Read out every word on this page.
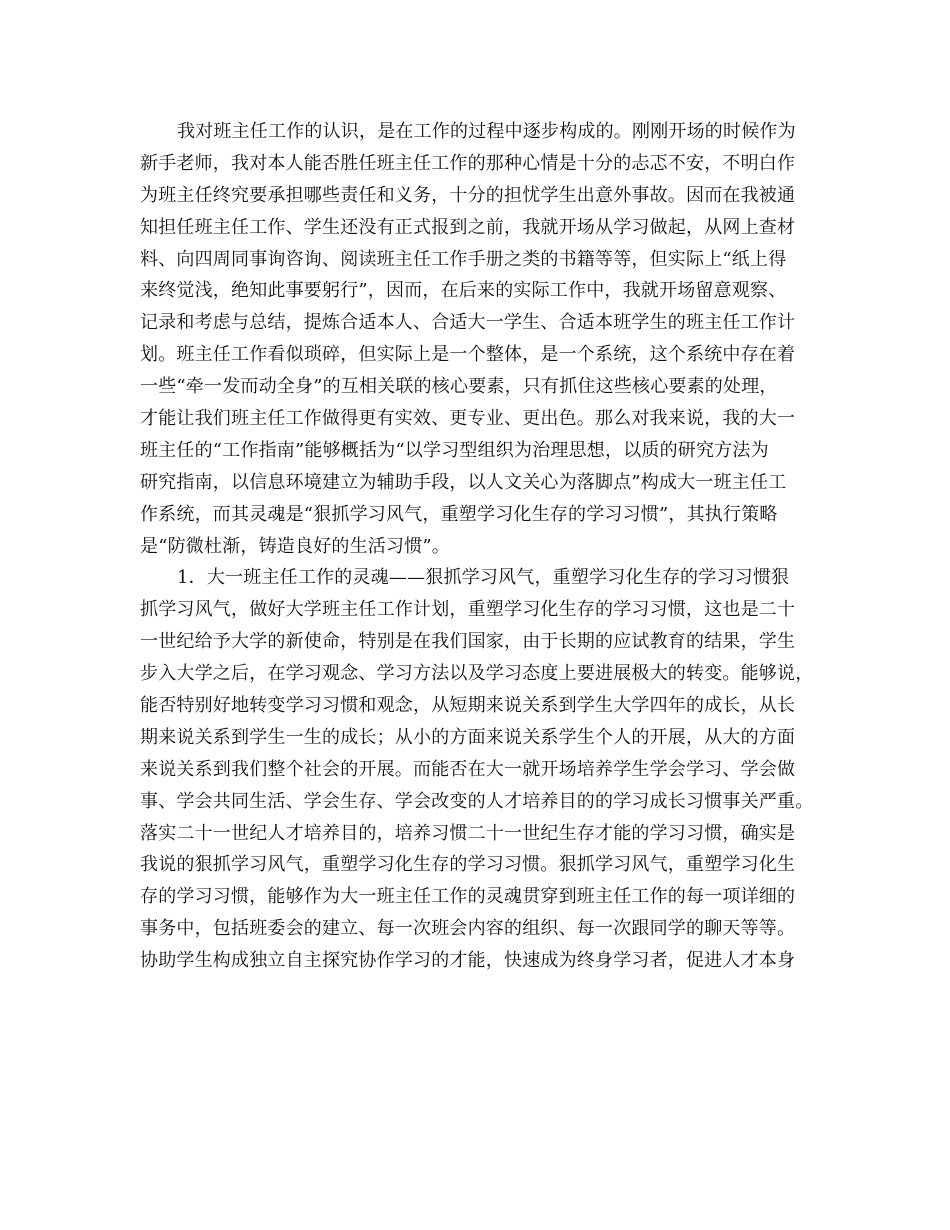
我对班主任工作的认识，是在工作的过程中逐步构成的。刚刚开场的时候作为
新手老师，我对本人能否胜任班主任工作的那种心情是十分的忐忑不安，不明白作
为班主任终究要承担哪些责任和义务，十分的担忧学生出意外事故。因而在我被通
知担任班主任工作、学生还没有正式报到之前，我就开场从学习做起，从网上查材
料、向四周同事询咨询、阅读班主任工作手册之类的书籍等等，但实际上“纸上得
来终觉浅，绝知此事要躬行”，因而，在后来的实际工作中，我就开场留意观察、
记录和考虑与总结，提炼合适本人、合适大一学生、合适本班学生的班主任工作计
划。班主任工作看似琐碎，但实际上是一个整体，是一个系统，这个系统中存在着
一些“牵一发而动全身”的互相关联的核心要素，只有抓住这些核心要素的处理，
才能让我们班主任工作做得更有实效、更专业、更出色。那么对我来说，我的大一
班主任的“工作指南”能够概括为“以学习型组织为治理思想，以质的研究方法为
研究指南，以信息环境建立为辅助手段，以人文关心为落脚点”构成大一班主任工
作系统，而其灵魂是“狠抓学习风气，重塑学习化生存的学习习惯”，其执行策略
是“防微杜渐，铸造良好的生活习惯”。
1．大一班主任工作的灵魂——狠抓学习风气，重塑学习化生存的学习习惯狠
抓学习风气，做好大学班主任工作计划，重塑学习化生存的学习习惯，这也是二十
一世纪给予大学的新使命，特别是在我们国家，由于长期的应试教育的结果，学生
步入大学之后，在学习观念、学习方法以及学习态度上要进展极大的转变。能够说，
能否特别好地转变学习习惯和观念，从短期来说关系到学生大学四年的成长，从长
期来说关系到学生一生的成长；从小的方面来说关系学生个人的开展，从大的方面
来说关系到我们整个社会的开展。而能否在大一就开场培养学生学会学习、学会做
事、学会共同生活、学会生存、学会改变的人才培养目的的学习成长习惯事关严重。
落实二十一世纪人才培养目的，培养习惯二十一世纪生存才能的学习习惯，确实是
我说的狠抓学习风气，重塑学习化生存的学习习惯。狠抓学习风气，重塑学习化生
存的学习习惯，能够作为大一班主任工作的灵魂贯穿到班主任工作的每一项详细的
事务中，包括班委会的建立、每一次班会内容的组织、每一次跟同学的聊天等等。
协助学生构成独立自主探究协作学习的才能，快速成为终身学习者，促进人才本身
